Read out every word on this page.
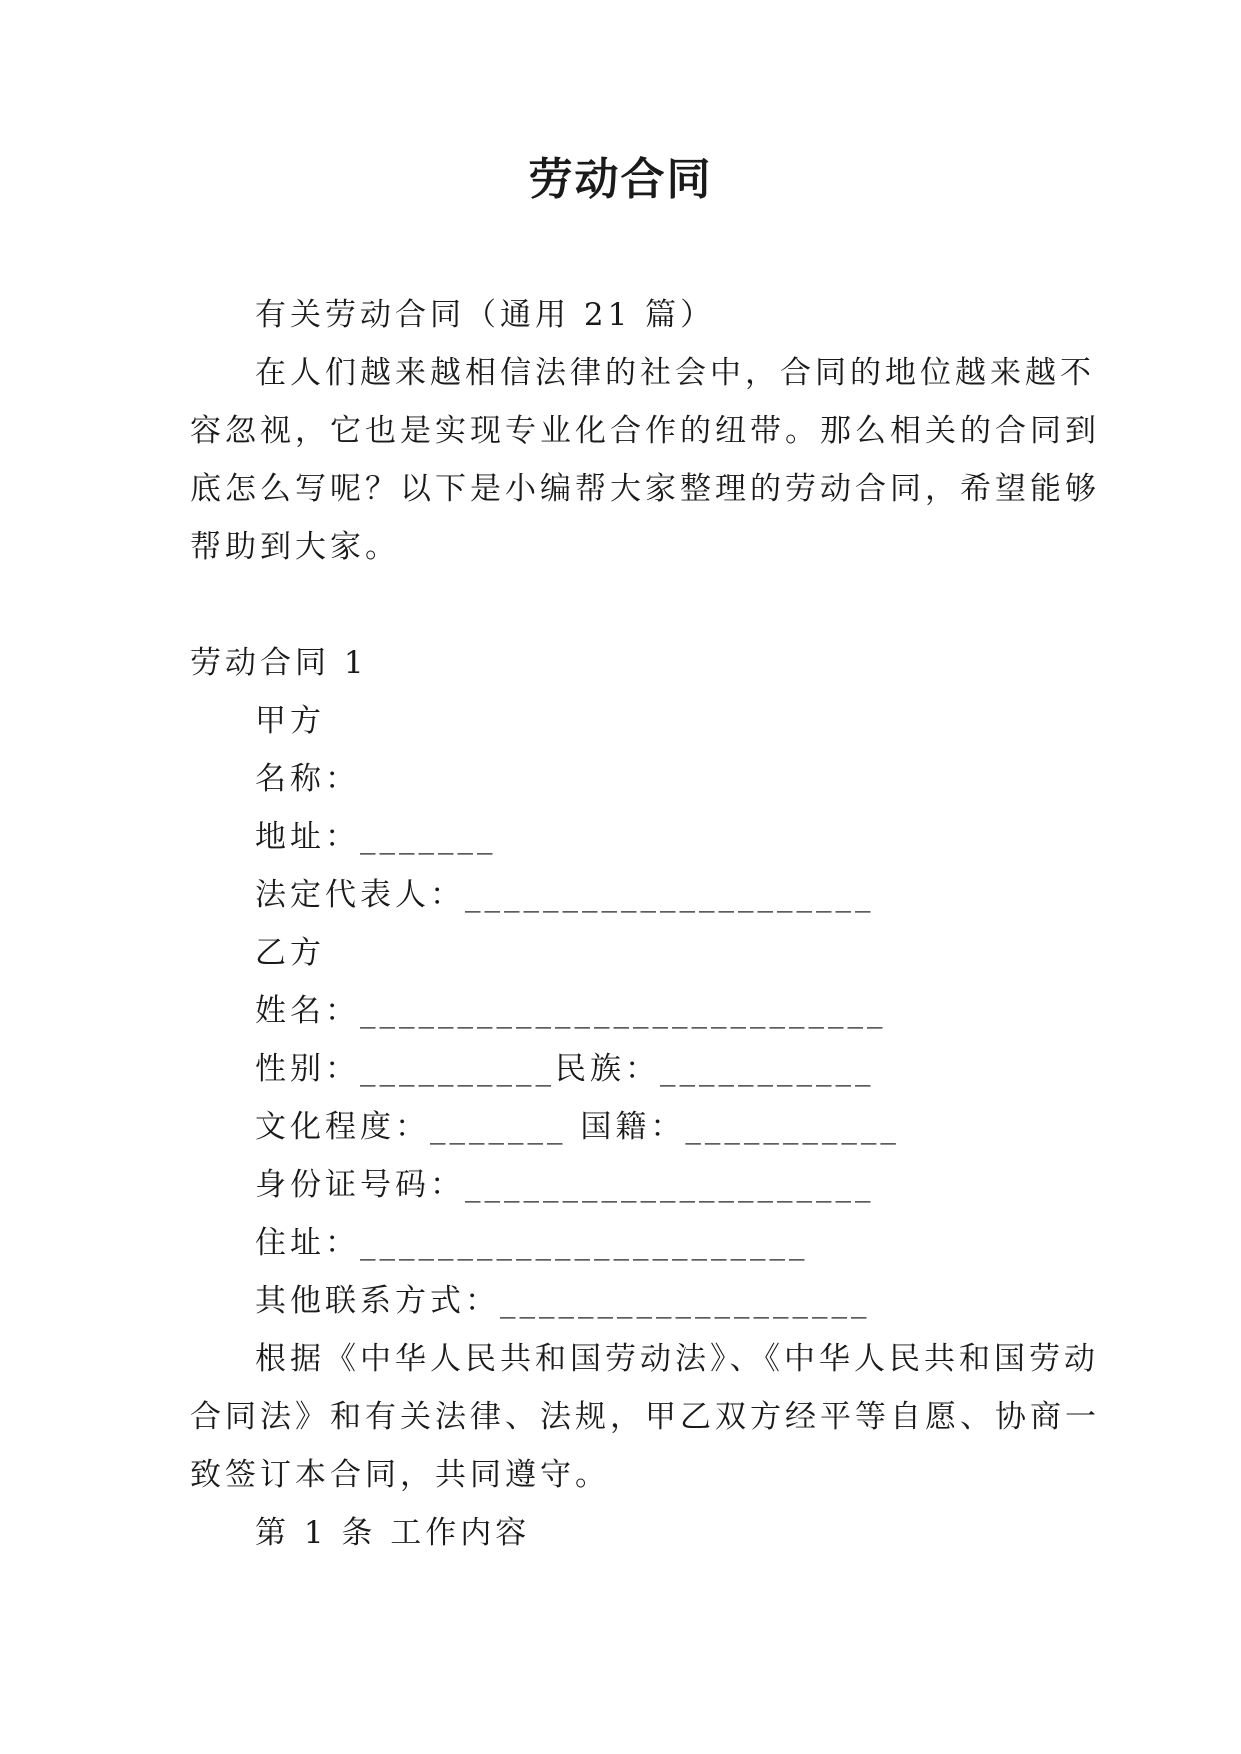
劳动合同
有关劳动合同（通用 21 篇）
在人们越来越相信法律的社会中，合同的地位越来越不
容忽视，它也是实现专业化合作的纽带。那么相关的合同到
底怎么写呢？以下是小编帮大家整理的劳动合同，希望能够
帮助到大家。
劳动合同 1
甲方
名称：
地址：_______
法定代表人：_____________________
乙方
姓名：___________________________
性别：__________民族：___________
文化程度：_______ 国籍：___________
身份证号码：_____________________
住址：_______________________
其他联系方式：___________________
根据《中华人民共和国劳动法》、《中华人民共和国劳动
合同法》和有关法律、法规，甲乙双方经平等自愿、协商一
致签订本合同，共同遵守。
第 1 条 工作内容
